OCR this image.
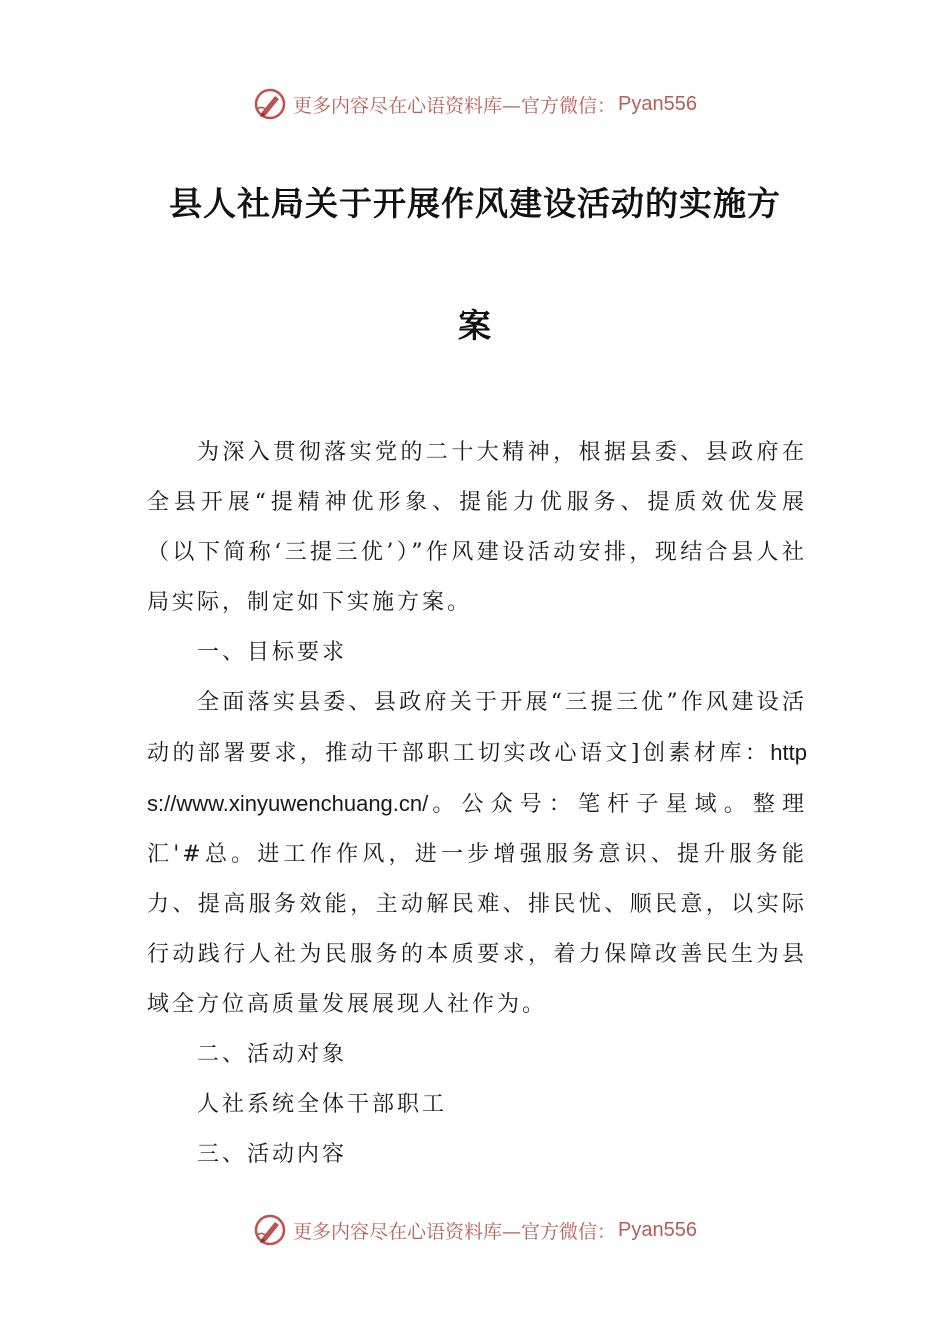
更多内容尽在心语资料库—官方微信： Pyan556
县人社局关于开展作风建设活动的实施方
案

为深入贯彻落实党的二十大精神，根据县委、县政府在全县开展“提精神优形象、提能力优服务、提质效优发展（以下简称‘三提三优’）”作风建设活动安排，现结合县人社局实际，制定如下实施方案。

一、目标要求

全面落实县委、县政府关于开展“三提三优”作风建设活动的部署要求，推动干部职工切实改心语文]创素材库：https://www.xinyuwenchuang.cn/。公众号：笔杆子星域。整理汇'#总。进工作作风，进一步增强服务意识、提升服务能力、提高服务效能，主动解民难、排民忧、顺民意，以实际行动践行人社为民服务的本质要求，着力保障改善民生为县域全方位高质量发展展现人社作为。

二、活动对象

人社系统全体干部职工

三、活动内容

更多内容尽在心语资料库—官方微信： Pyan556
